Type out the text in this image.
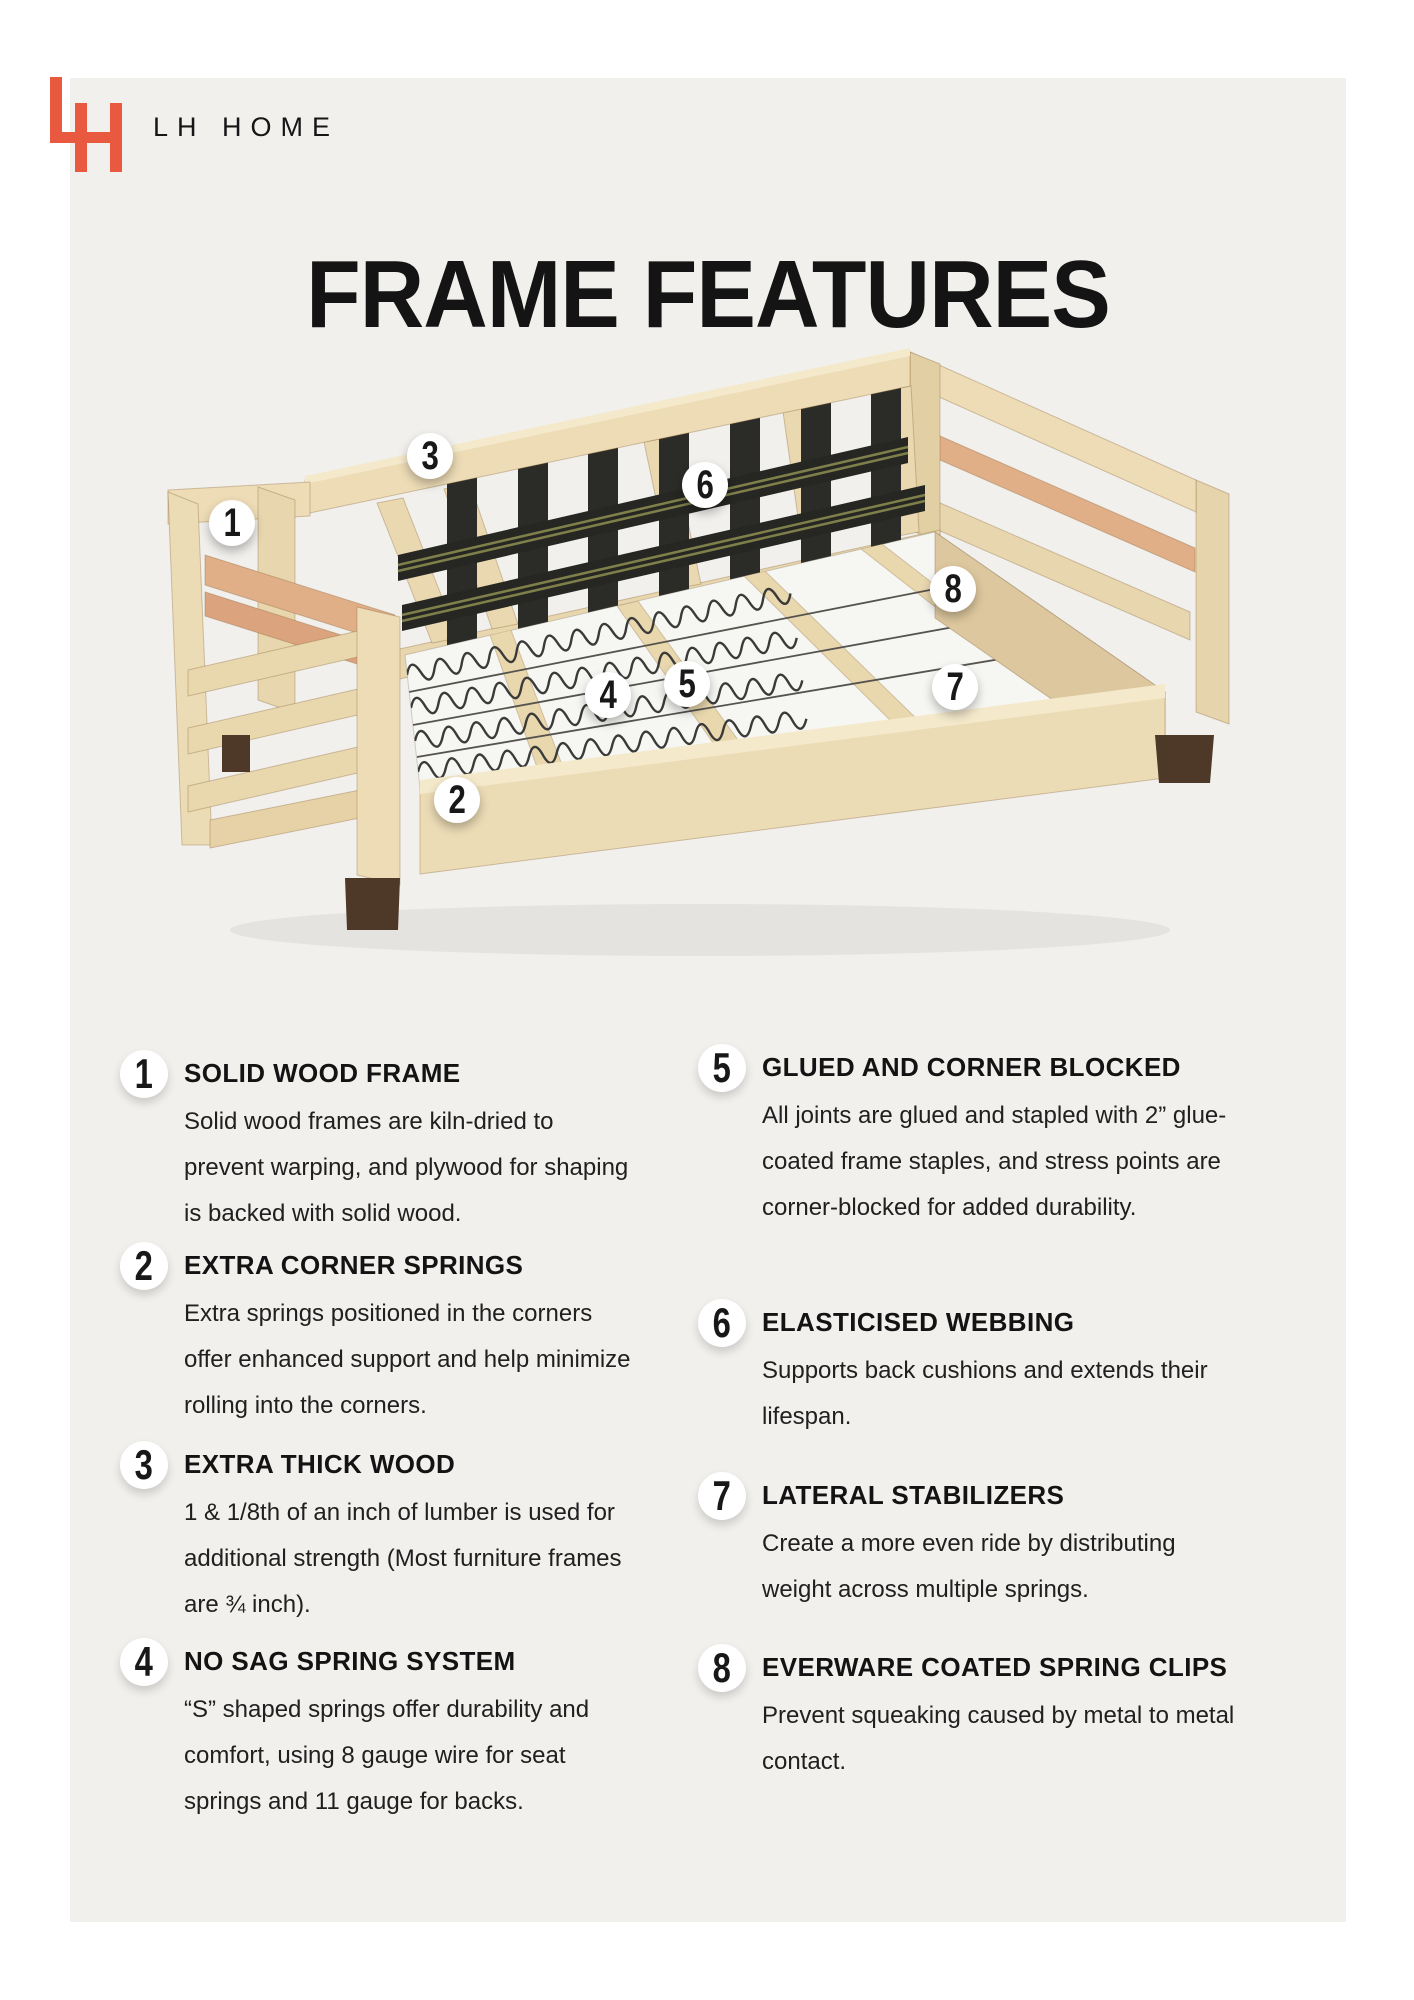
LH HOME
FRAME FEATURES
1
2
3
4 5
6
7
8
1 SOLID WOOD FRAME
Solid wood frames are kiln-dried to prevent warping, and plywood for shaping is backed with solid wood.
2 EXTRA CORNER SPRINGS
Extra springs positioned in the corners offer enhanced support and help minimize rolling into the corners.
3 EXTRA THICK WOOD
1 & 1/8th of an inch of lumber is used for additional strength (Most furniture frames are ¾ inch).
4 NO SAG SPRING SYSTEM
“S” shaped springs offer durability and comfort, using 8 gauge wire for seat springs and 11 gauge for backs.
5 GLUED AND CORNER BLOCKED
All joints are glued and stapled with 2” glue-coated frame staples, and stress points are corner-blocked for added durability.
6 ELASTICISED WEBBING
Supports back cushions and extends their lifespan.
7 LATERAL STABILIZERS
Create a more even ride by distributing weight across multiple springs.
8 EVERWARE COATED SPRING CLIPS
Prevent squeaking caused by metal to metal contact.
